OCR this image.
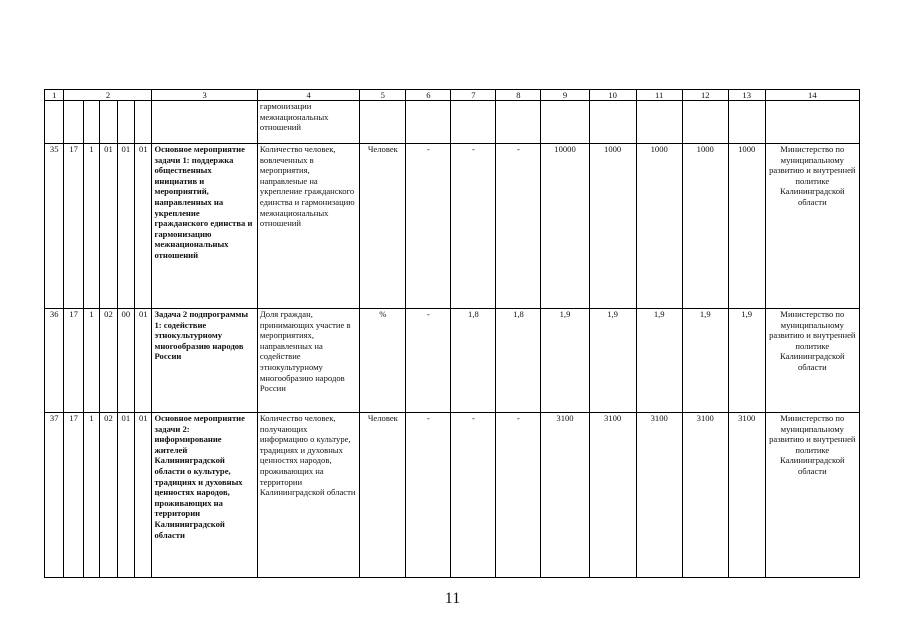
1	2					3	4	5	6	7	8	9	10	11	12	13	14
							гармонизации межнациональных отношений										
35	17	1	01	01	01	Основное мероприятие задачи 1: поддержка общественных инициатив и мероприятий, направленных на укрепление гражданского единства и гармонизацию межнациональных отношений	Количество человек, вовлеченных в мероприятия, направленые на укрепление гражданского единства и гармонизацию межнациональных отношений	Человек	-	-	-	10000	1000	1000	1000	1000	Министерство по муниципальному развитию и внутренней политике Калининградской области
36	17	1	02	00	01	Задача 2 подпрограммы 1: содействие этнокультурному многообразию народов России	Доля граждан, принимающих участие в мероприятиях, направленных на содействие этнокультурному многообразию народов России	%	-	1,8	1,8	1,9	1,9	1,9	1,9	1,9	Министерство по муниципальному развитию и внутренней политике Калининградской области
37	17	1	02	01	01	Основное мероприятие задачи 2: информирование жителей Калининградской области о культуре, традициях и духовных ценностях народов, проживающих на территории Калининградской области	Количество человек, получающих информацию о культуре, традициях и духовных ценностях народов, проживающих на территории Калининградской области	Человек	-	-	-	3100	3100	3100	3100	3100	Министерство по муниципальному развитию и внутренней политике Калининградской области
11
